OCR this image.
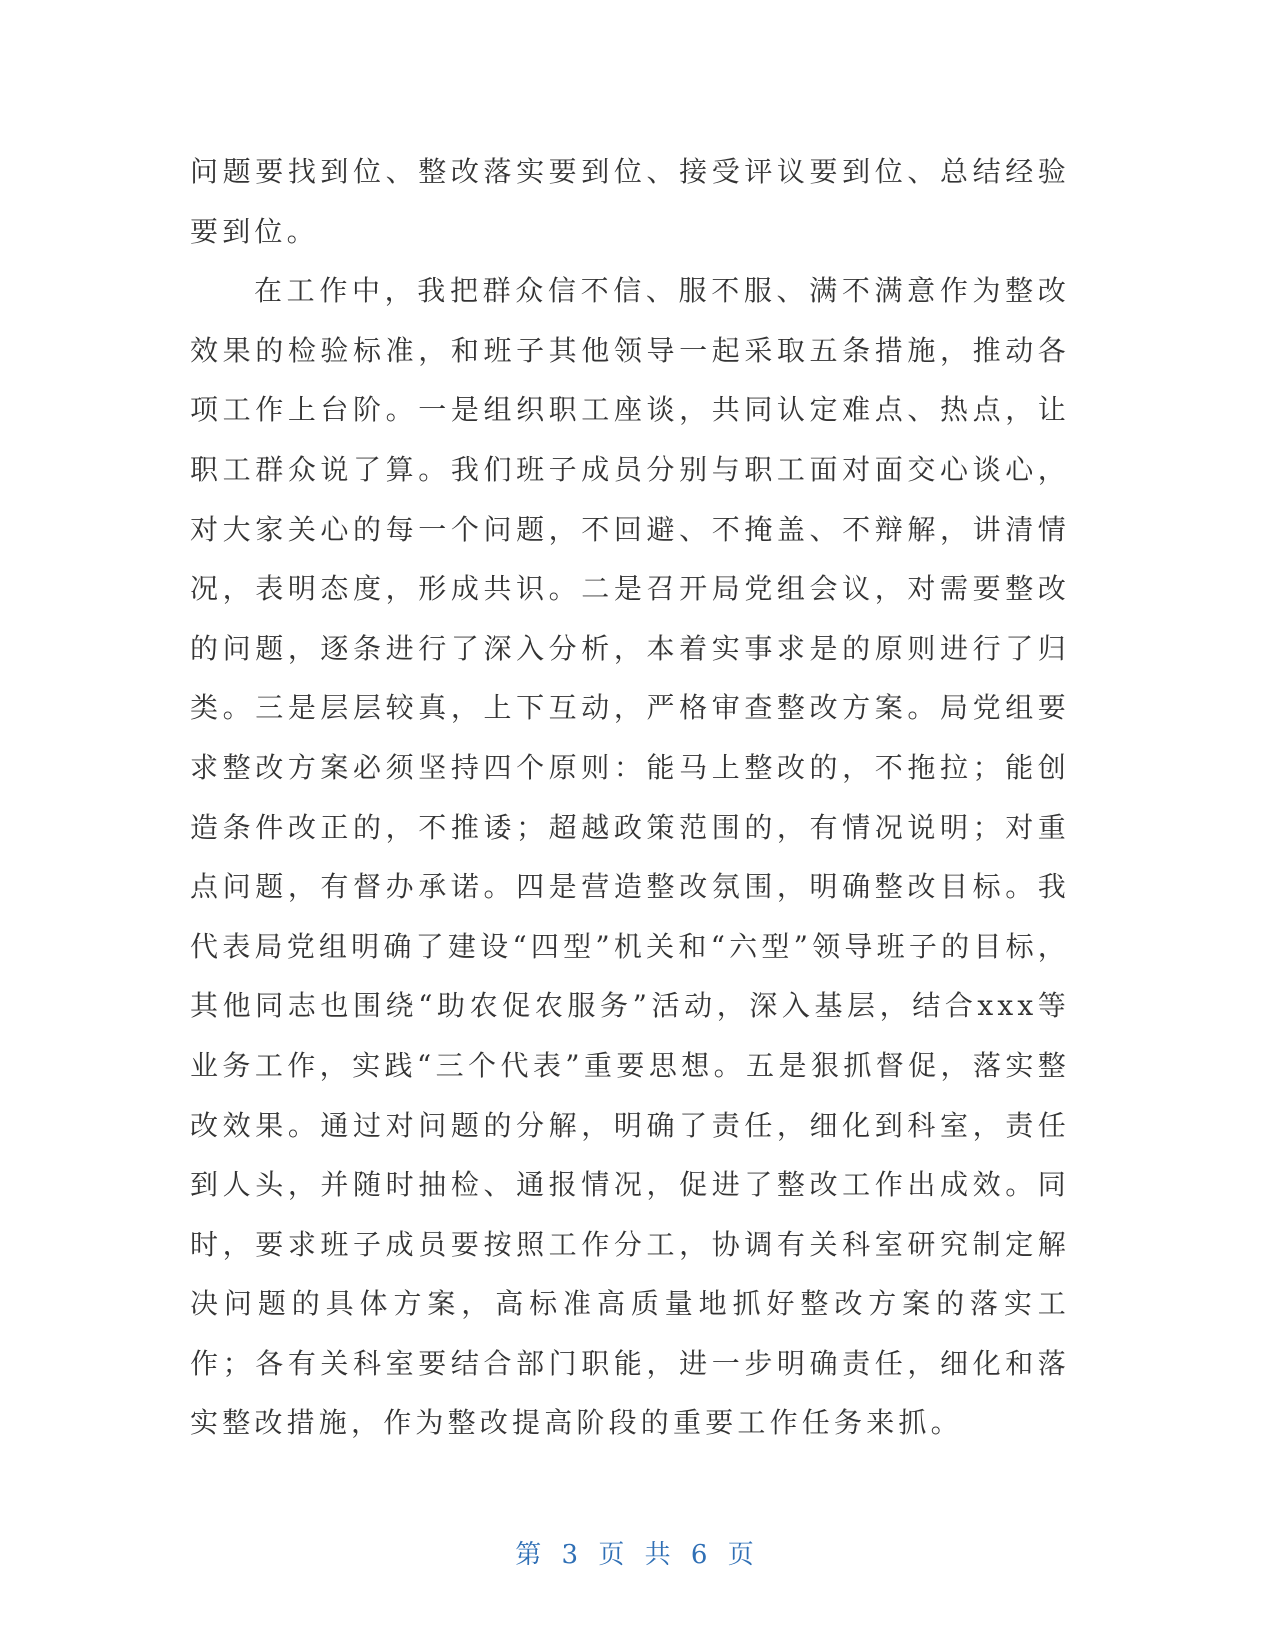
问题要找到位、整改落实要到位、接受评议要到位、总结经验要到位。

在工作中，我把群众信不信、服不服、满不满意作为整改效果的检验标准，和班子其他领导一起采取五条措施，推动各项工作上台阶。一是组织职工座谈，共同认定难点、热点，让职工群众说了算。我们班子成员分别与职工面对面交心谈心，对大家关心的每一个问题，不回避、不掩盖、不辩解，讲清情况，表明态度，形成共识。二是召开局党组会议，对需要整改的问题，逐条进行了深入分析，本着实事求是的原则进行了归类。三是层层较真，上下互动，严格审查整改方案。局党组要求整改方案必须坚持四个原则：能马上整改的，不拖拉；能创造条件改正的，不推诿；超越政策范围的，有情况说明；对重点问题，有督办承诺。四是营造整改氛围，明确整改目标。我代表局党组明确了建设“四型”机关和“六型”领导班子的目标，其他同志也围绕“助农促农服务”活动，深入基层，结合xxx等业务工作，实践“三个代表”重要思想。五是狠抓督促，落实整改效果。通过对问题的分解，明确了责任，细化到科室，责任到人头，并随时抽检、通报情况，促进了整改工作出成效。同时，要求班子成员要按照工作分工，协调有关科室研究制定解决问题的具体方案，高标准高质量地抓好整改方案的落实工作；各有关科室要结合部门职能，进一步明确责任，细化和落实整改措施，作为整改提高阶段的重要工作任务来抓。

第 3 页 共 6 页
